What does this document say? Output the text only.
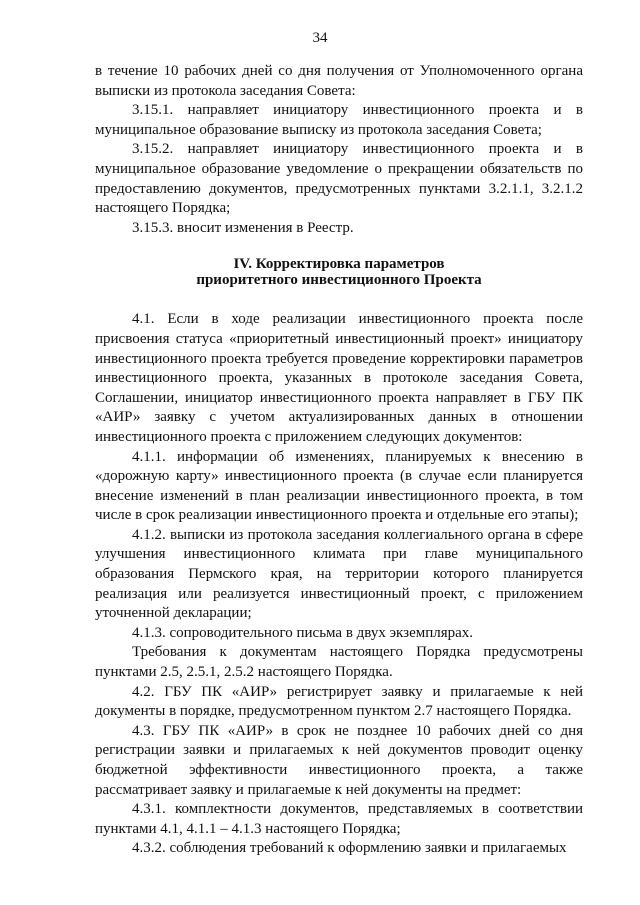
34

в течение 10 рабочих дней со дня получения от Уполномоченного органа выписки из протокола заседания Совета:

3.15.1. направляет инициатору инвестиционного проекта и в муниципальное образование выписку из протокола заседания Совета;

3.15.2. направляет инициатору инвестиционного проекта и в муниципальное образование уведомление о прекращении обязательств по предоставлению документов, предусмотренных пунктами 3.2.1.1, 3.2.1.2 настоящего Порядка;

3.15.3. вносит изменения в Реестр.

IV. Корректировка параметров
приоритетного инвестиционного Проекта

4.1. Если в ходе реализации инвестиционного проекта после присвоения статуса «приоритетный инвестиционный проект» инициатору инвестиционного проекта требуется проведение корректировки параметров инвестиционного проекта, указанных в протоколе заседания Совета, Соглашении, инициатор инвестиционного проекта направляет в ГБУ ПК «АИР» заявку с учетом актуализированных данных в отношении инвестиционного проекта с приложением следующих документов:

4.1.1. информации об изменениях, планируемых к внесению в «дорожную карту» инвестиционного проекта (в случае если планируется внесение изменений в план реализации инвестиционного проекта, в том числе в срок реализации инвестиционного проекта и отдельные его этапы);

4.1.2. выписки из протокола заседания коллегиального органа в сфере улучшения инвестиционного климата при главе муниципального образования Пермского края, на территории которого планируется реализация или реализуется инвестиционный проект, с приложением уточненной декларации;

4.1.3. сопроводительного письма в двух экземплярах.

Требования к документам настоящего Порядка предусмотрены пунктами 2.5, 2.5.1, 2.5.2 настоящего Порядка.

4.2. ГБУ ПК «АИР» регистрирует заявку и прилагаемые к ней документы в порядке, предусмотренном пунктом 2.7 настоящего Порядка.

4.3. ГБУ ПК «АИР» в срок не позднее 10 рабочих дней со дня регистрации заявки и прилагаемых к ней документов проводит оценку бюджетной эффективности инвестиционного проекта, а также рассматривает заявку и прилагаемые к ней документы на предмет:

4.3.1. комплектности документов, представляемых в соответствии пунктами 4.1, 4.1.1 – 4.1.3 настоящего Порядка;

4.3.2. соблюдения требований к оформлению заявки и прилагаемых
